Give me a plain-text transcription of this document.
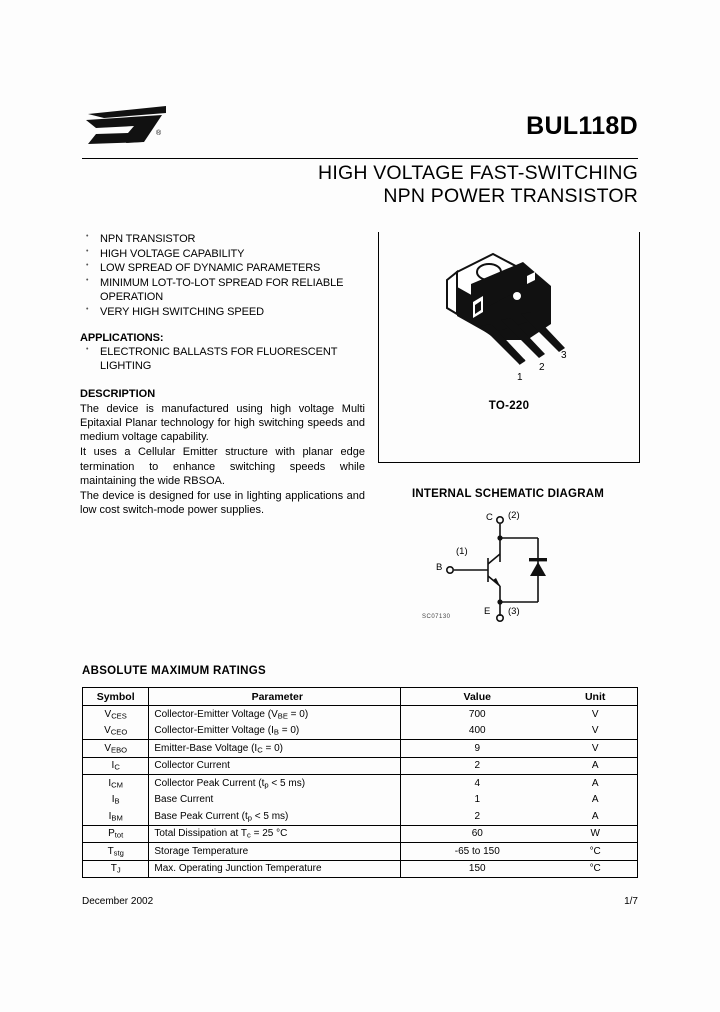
®	BUL118D
HIGH VOLTAGE FAST-SWITCHING
NPN POWER TRANSISTOR
• NPN TRANSISTOR
• HIGH VOLTAGE CAPABILITY
• LOW SPREAD OF DYNAMIC PARAMETERS
• MINIMUM LOT-TO-LOT SPREAD FOR RELIABLE OPERATION
• VERY HIGH SWITCHING SPEED
APPLICATIONS:
• ELECTRONIC BALLASTS FOR FLUORESCENT LIGHTING
DESCRIPTION

The device is manufactured using high voltage Multi Epitaxial Planar technology for high switching speeds and medium voltage capability.

It uses a Cellular Emitter structure with planar edge termination to enhance switching speeds while maintaining the wide RBSOA.

The device is designed for use in lighting applications and low cost switch-mode power supplies.

1
2
3
TO-220
INTERNAL SCHEMATIC DIAGRAM
C (2)
B
(1)
E (3)
SC07130
ABSOLUTE MAXIMUM RATINGS
Symbol	Parameter	Value	Unit
$V_{CES}$	Collector-Emitter Voltage $(V_{BE} = 0)$	700	V
$V_{CEO}$	Collector-Emitter Voltage $(I_B = 0)$	400	V
$V_{EBO}$	Emitter-Base Voltage $(I_C = 0)$	9	V
$I_C$	Collector Current	2	A
$I_{CM}$	Collector Peak Current ($t_p < 5$ ms)	4	A
$I_B$	Base Current	1	A
$I_{BM}$	Base Peak Current ($t_p < 5$ ms)	2	A
$P_{tot}$	Total Dissipation at $T_c = 25$ °C	60	W
$T_{stg}$	Storage Temperature	-65 to 150	°C
$T_J$	Max. Operating Junction Temperature	150	°C
December 2002	1/7
